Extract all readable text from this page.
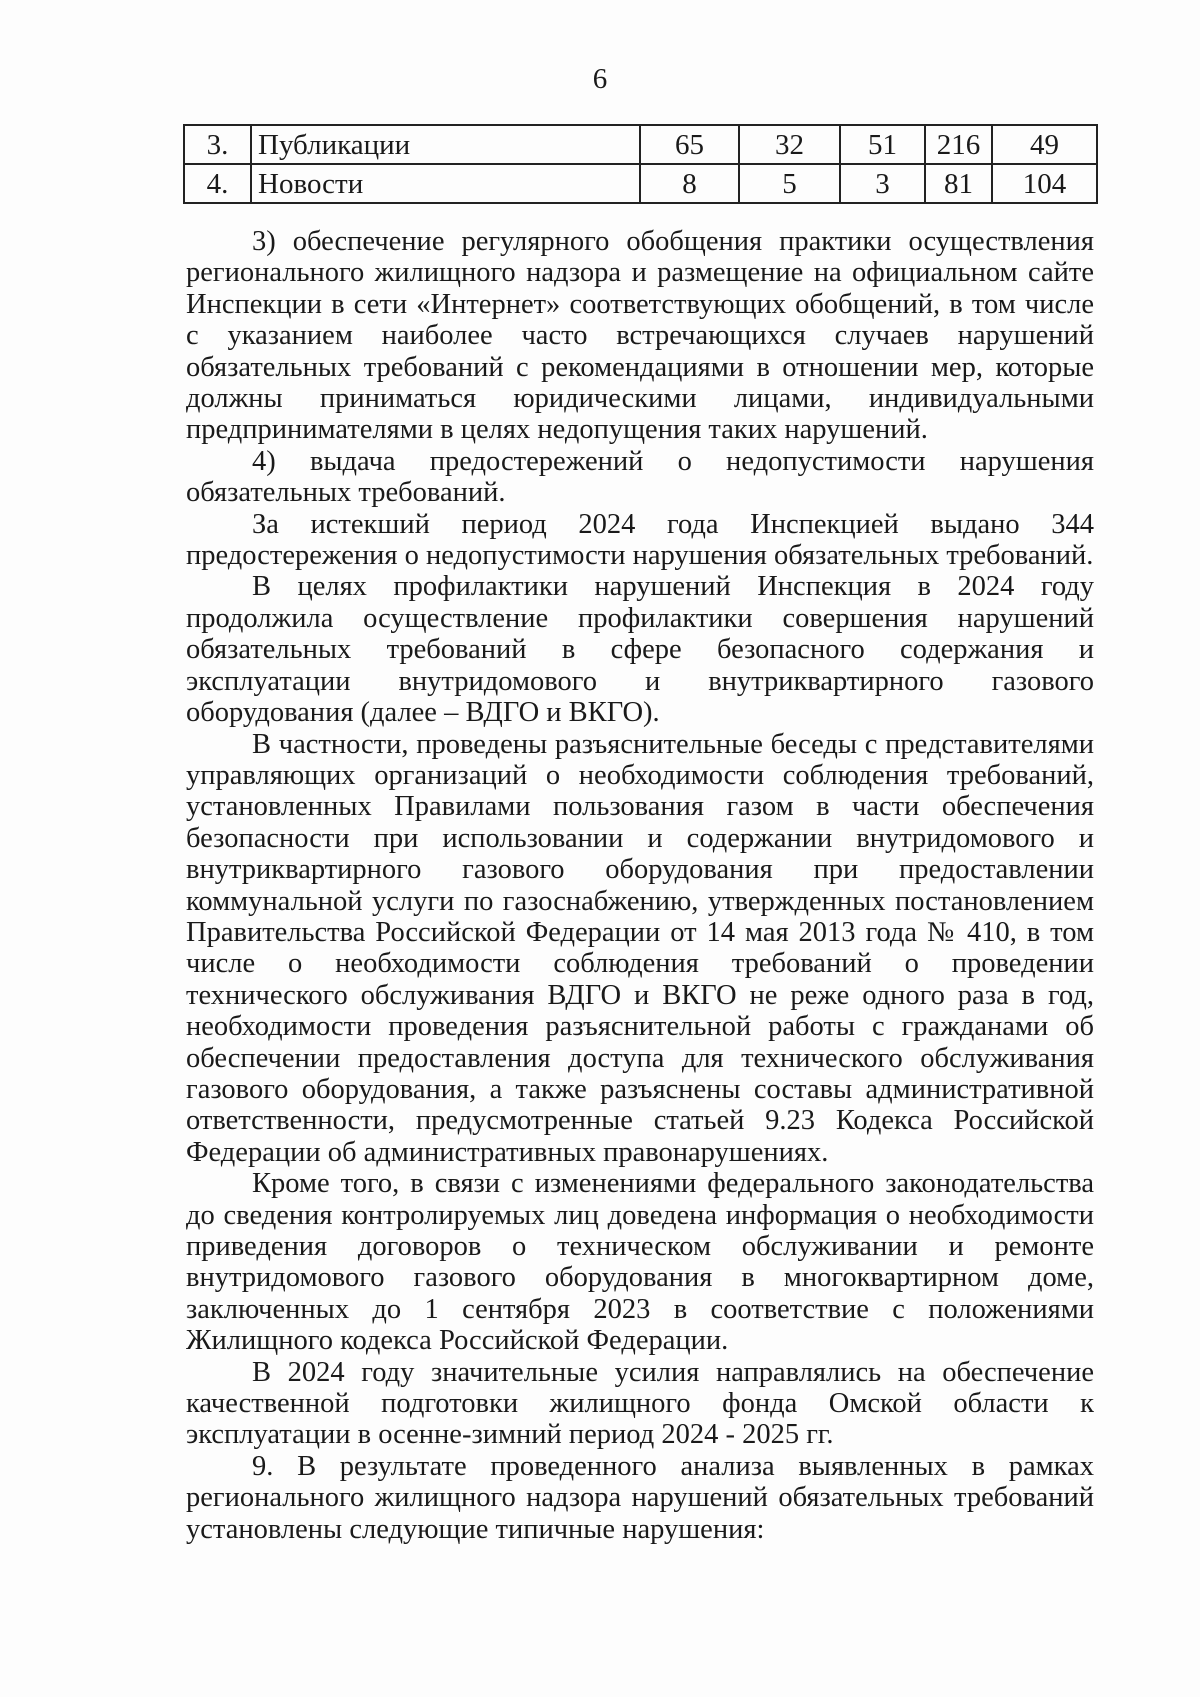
6
3.	Публикации	65	32	51	216	49
4.	Новости	8	5	3	81	104

3) обеспечение регулярного обобщения практики осуществления регионального жилищного надзора и размещение на официальном сайте Инспекции в сети «Интернет» соответствующих обобщений, в том числе с указанием наиболее часто встречающихся случаев нарушений обязательных требований с рекомендациями в отношении мер, которые должны приниматься юридическими лицами, индивидуальными предпринимателями в целях недопущения таких нарушений.

4) выдача предостережений о недопустимости нарушения обязательных требований.

За истекший период 2024 года Инспекцией выдано 344 предостережения о недопустимости нарушения обязательных требований.

В целях профилактики нарушений Инспекция в 2024 году продолжила осуществление профилактики совершения нарушений обязательных требований в сфере безопасного содержания и эксплуатации внутридомового и внутриквартирного газового оборудования (далее – ВДГО и ВКГО).

В частности, проведены разъяснительные беседы с представителями управляющих организаций о необходимости соблюдения требований, установленных Правилами пользования газом в части обеспечения безопасности при использовании и содержании внутридомового и внутриквартирного газового оборудования при предоставлении коммунальной услуги по газоснабжению, утвержденных постановлением Правительства Российской Федерации от 14 мая 2013 года № 410, в том числе о необходимости соблюдения требований о проведении технического обслуживания ВДГО и ВКГО не реже одного раза в год, необходимости проведения разъяснительной работы с гражданами об обеспечении предоставления доступа для технического обслуживания газового оборудования, а также разъяснены составы административной ответственности, предусмотренные статьей 9.23 Кодекса Российской Федерации об административных правонарушениях.

Кроме того, в связи с изменениями федерального законодательства до сведения контролируемых лиц доведена информация о необходимости приведения договоров о техническом обслуживании и ремонте внутридомового газового оборудования в многоквартирном доме, заключенных до 1 сентября 2023 в соответствие с положениями Жилищного кодекса Российской Федерации.

В 2024 году значительные усилия направлялись на обеспечение качественной подготовки жилищного фонда Омской области к эксплуатации в осенне-зимний период 2024 - 2025 гг.

9. В результате проведенного анализа выявленных в рамках регионального жилищного надзора нарушений обязательных требований установлены следующие типичные нарушения:
